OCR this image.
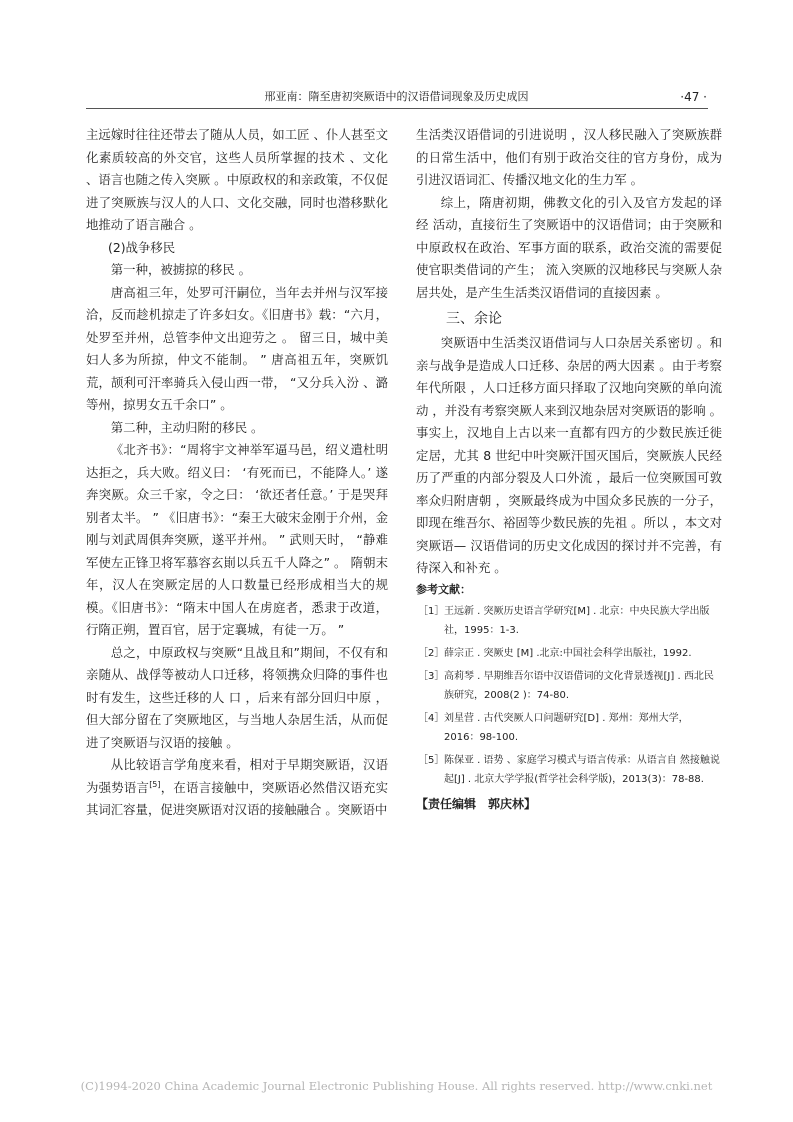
邢亚南：隋至唐初突厥语中的汉语借词现象及历史成因	·47 ·

主远嫁时往往还带去了随从人员，如工匠 、仆人甚至文化素质较高的外交官，这些人员所掌握的技术 、文化 、语言也随之传入突厥 。中原政权的和亲政策，不仅促进了突厥族与汉人的人口、文化交融，同时也潜移默化地推动了语言融合 。

(2)战争移民

第一种，被掳掠的移民 。

唐高祖三年，处罗可汗嗣位，当年去并州与汉军接洽，反而趁机掠走了许多妇女。《旧唐书》载：“六月，处罗至并州，总管李仲文出迎劳之 。 留三日，城中美妇人多为所掠，仲文不能制。 ” 唐高祖五年，突厥饥荒，颉利可汗率骑兵入侵山西一带， “又分兵入汾 、潞等州，掠男女五千余口” 。

第二种，主动归附的移民 。

《北齐书》：“周将宇文神举军逼马邑，绍义遣杜明达拒之，兵大败。绍义曰： ‘有死而已，不能降人。’ 遂奔突厥。众三千家，令之曰： ‘欲还者任意。’ 于是哭拜别者太半。 ” 《旧唐书》：“秦王大破宋金刚于介州，金刚与刘武周俱奔突厥，遂平并州。 ” 武则天时， “静难军使左正锋卫将军慕容玄崱以兵五千人降之” 。 隋朝末年，汉人在突厥定居的人口数量已经形成相当大的规模。《旧唐书》：“隋末中国人在虏庭者，悉隶于改道，行隋正朔，置百官，居于定襄城，有徒一万。 ”

总之，中原政权与突厥“且战且和”期间，不仅有和亲随从、战俘等被动人口迁移，将领携众归降的事件也时有发生，这些迁移的人 口 ，后来有部分回归中原 ，但大部分留在了突厥地区，与当地人杂居生活，从而促进了突厥语与汉语的接触 。

从比较语言学角度来看，相对于早期突厥语，汉语为强势语言[5]，在语言接触中，突厥语必然借汉语充实其词汇容量，促进突厥语对汉语的接触融合 。突厥语中

生活类汉语借词的引进说明 ，汉人移民融入了突厥族群的日常生活中，他们有别于政治交往的官方身份，成为引进汉语词汇、传播汉地文化的生力军 。

综上，隋唐初期，佛教文化的引入及官方发起的译经 活动，直接衍生了突厥语中的汉语借词；由于突厥和中原政权在政治、军事方面的联系，政治交流的需要促使官职类借词的产生； 流入突厥的汉地移民与突厥人杂居共处，是产生生活类汉语借词的直接因素 。

三、余论

突厥语中生活类汉语借词与人口杂居关系密切 。和亲与战争是造成人口迁移、杂居的两大因素 。由于考察年代所限 ，人口迁移方面只择取了汉地向突厥的单向流动 ，并没有考察突厥人来到汉地杂居对突厥语的影响 。事实上，汉地自上古以来一直都有四方的少数民族迁徙定居，尤其 8 世纪中叶突厥汗国灭国后，突厥族人民经历了严重的内部分裂及人口外流 ，最后一位突厥国可敦率众归附唐朝 ，突厥最终成为中国众多民族的一分子，即现在维吾尔、裕固等少数民族的先祖 。所以 ，本文对突厥语— 汉语借词的历史文化成因的探讨并不完善，有待深入和补充 。

参考文献：

［1］ 王远新 . 突厥历史语言学研究[M] . 北京：中央民族大学出版社，1995：1-3.
［2］ 薛宗正 . 突厥史 [M] .北京:中国社会科学出版社，1992.
［3］ 高莉琴 . 早期维吾尔语中汉语借词的文化背景透视[J] . 西北民族研究，2008(2 )：74-80.
［4］ 刘星营 . 古代突厥人口问题研究[D] . 郑州：郑州大学，2016：98-100.
［5］ 陈保亚 . 语势 、家庭学习模式与语言传承：从语言自 然接触说起[J] . 北京大学学报(哲学社会科学版)，2013(3)：78-88.

【责任编辑　郭庆林】

(C)1994-2020 China Academic Journal Electronic Publishing House. All rights reserved. http://www.cnki.net
